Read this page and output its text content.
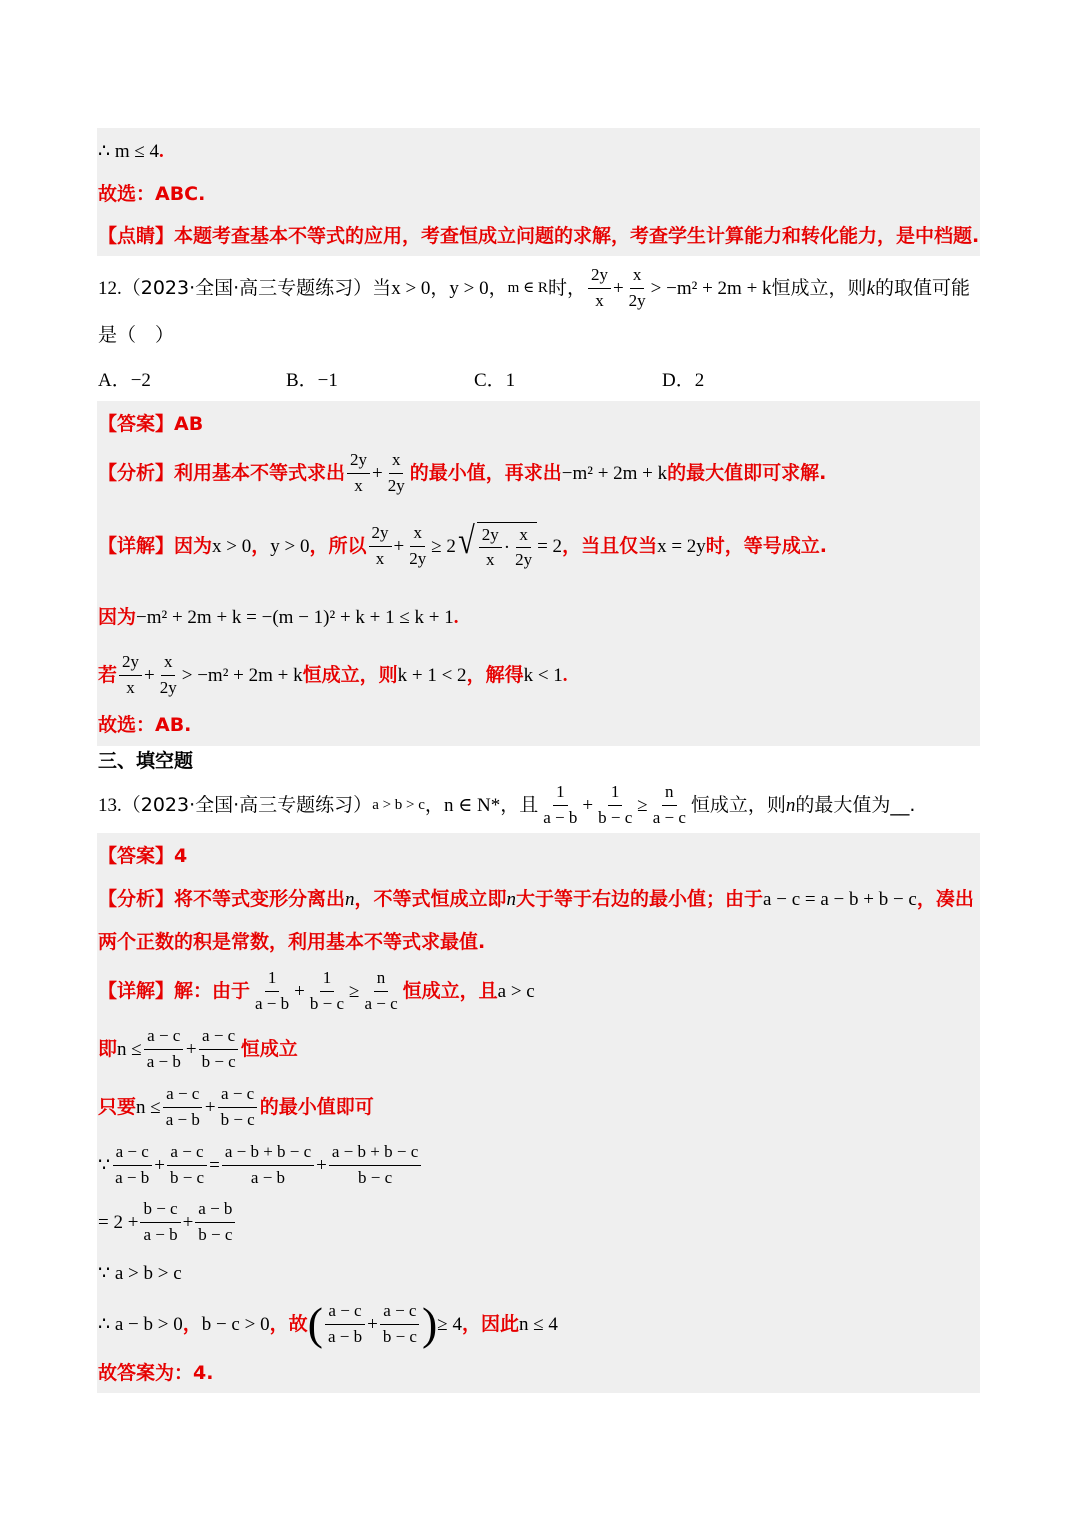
∴ m ≤ 4 .
故选：ABC.
【点睛】本题考查基本不等式的应用，考查恒成立问题的求解，考查学生计算能力和转化能力，是中档题.
12. （2023·全国·高三专题练习）当 x > 0 ， y > 0 ， m ∈ R 时， $\frac{2y}{x} + \frac{x}{2y} > -m^2 + 2m + k$ 恒成立，则 k 的取值可能
是（　）
A．−2	B．−1	C．1	D．2
【答案】AB
【分析】利用基本不等式求出 $\frac{2y}{x} + \frac{x}{2y}$ 的最小值，再求出 −m² + 2m + k 的最大值即可求解.
【详解】因为 x > 0 ， y > 0 ， 所以 $\frac{2y}{x} + \frac{x}{2y} \ge 2$ √ $\frac{2y}{x} \cdot \frac{x}{2y} = 2$ ，当且仅当 x = 2y 时，等号成立.
因为 −m² + 2m + k = −(m − 1)² + k + 1 ≤ k + 1 .
若 $\frac{2y}{x} + \frac{x}{2y} > -m^2 + 2m + k$ 恒成立，则 k + 1 < 2 ，解得 k < 1 .
故选：AB.
三、填空题
13. （2023·全国·高三专题练习） a > b > c ， n ∈ N* ，且 $\frac{1}{a - b} + \frac{1}{b - c} \ge \frac{n}{a - c}$ 恒成立，则 n 的最大值为__.
【答案】4
【分析】将不等式变形分离出 n ，不等式恒成立即 n 大于等于右边的最小值；由于 a − c = a − b + b − c ，凑出
两个正数的积是常数，利用基本不等式求最值.
【详解】解：由于 $\frac{1}{a - b} + \frac{1}{b - c} \ge \frac{n}{a - c}$ 恒成立，且 a > c
即 $n \le \frac{a - c}{a - b} + \frac{a - c}{b - c}$ 恒成立
只要 $n \le \frac{a - c}{a - b} + \frac{a - c}{b - c}$ 的最小值即可
∵ $\frac{a - c}{a - b} + \frac{a - c}{b - c} = \frac{a - b + b - c}{a - b} + \frac{a - b + b - c}{b - c}$
= $2 + \frac{b - c}{a - b} + \frac{a - b}{b - c}$
∵ a > b > c
∴ a − b > 0 ， b − c > 0 ， 故 ( $\frac{a - c}{a - b} + \frac{a - c}{b - c}$ ) ≥ 4 ，因此 n ≤ 4
故答案为：4.
